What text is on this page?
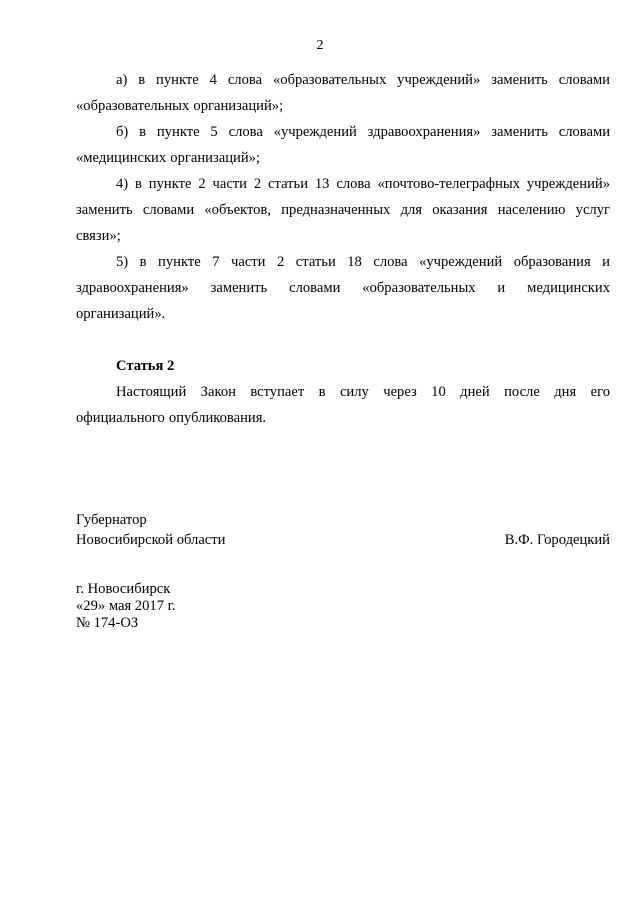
2

а) в пункте 4 слова «образовательных учреждений» заменить словами

«образовательных организаций»;

б) в пункте 5 слова «учреждений здравоохранения» заменить словами

«медицинских организаций»;

4) в пункте 2 части 2 статьи 13 слова «почтово-телеграфных учреждений»

заменить словами «объектов, предназначенных для оказания населению услуг

связи»;

5) в пункте 7 части 2 статьи 18 слова «учреждений образования и

здравоохранения» заменить словами «образовательных и медицинских

организаций».

Статья 2

Настоящий Закон вступает в силу через 10 дней после дня его

официального опубликования.

Губернатор
Новосибирской области	В.Ф. Городецкий
г. Новосибирск
«29» мая 2017 г.
№ 174-ОЗ
